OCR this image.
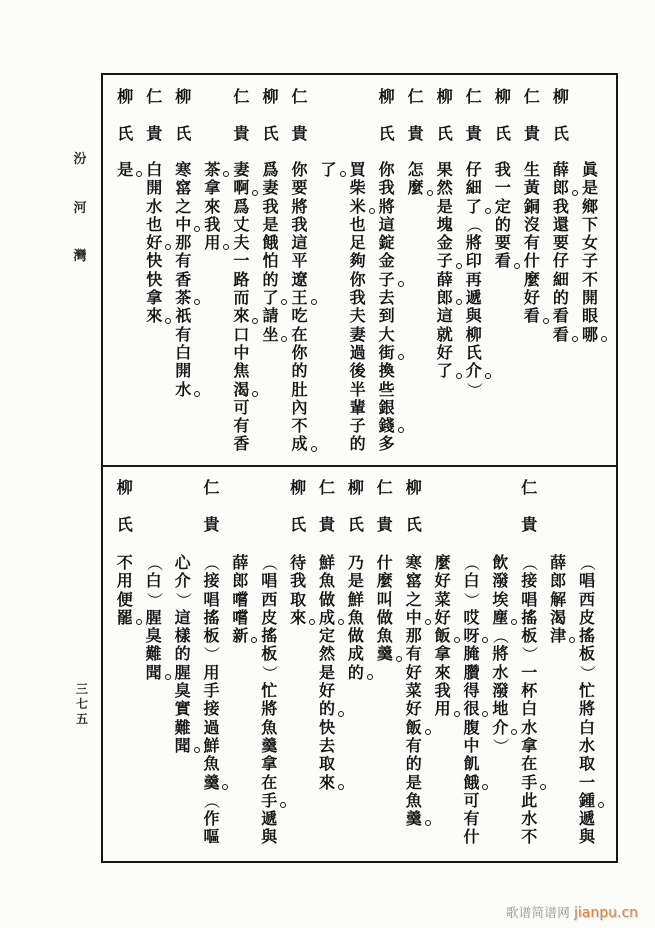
汾
河
灣
三
七
五
眞
是
鄉
下
女
子
不
開
眼
哪
柳
氏
薛
郎
我
還
要
仔
細
的
看
看
仁
貴
生
黃
銅
沒
有
什
麼
好
看
柳
氏
我
一
定
的
要
看
仁
貴
仔
細
了
（
將
印
再
遞
與
柳
氏
介
）
柳
氏
果
然
是
塊
金
子
薛
郎
這
就
好
了
仁
貴
怎
麼
柳
氏
你
我
將
這
錠
金
子
去
到
大
街
換
些
銀
錢
多
買
柴
米
也
足
夠
你
我
夫
妻
過
後
半
輩
子
的
了
仁
貴
你
要
將
我
這
平
遼
王
吃
在
你
的
肚
內
不
成
柳
氏
爲
妻
我
是
餓
怕
的
了
請
坐
仁
貴
妻
啊
爲
丈
夫
一
路
而
來
口
中
焦
渴
可
有
香
茶
拿
來
我
用
柳
氏
寒
窰
之
中
那
有
香
茶
祇
有
白
開
水
仁
貴
白
開
水
也
好
快
快
拿
來
柳
氏
是
（
唱
西
皮
搖
板
）
忙
將
白
水
取
一
鍾
遞
與
薛
郎
解
渴
津
仁
貴
（
接
唱
搖
板
）
一
杯
白
水
拿
在
手
此
水
不
飲
潑
埃
塵
（
將
水
潑
地
介
）
（
白
）
哎
呀
腌
臢
得
很
腹
中
飢
餓
可
有
什
麼
好
菜
好
飯
拿
來
我
用
柳
氏
寒
窰
之
中
那
有
好
菜
好
飯
有
的
是
魚
羹
仁
貴
什
麼
叫
做
魚
羹
柳
氏
乃
是
鮮
魚
做
成
的
仁
貴
鮮
魚
做
成
定
然
是
好
的
快
去
取
來
柳
氏
待
我
取
來
（
唱
西
皮
搖
板
）
忙
將
魚
羹
拿
在
手
遞
與
薛
郎
嚐
嚐
新
仁
貴
（
接
唱
搖
板
）
用
手
接
過
鮮
魚
羹
（
作
嘔
心
介
）
這
樣
的
腥
臭
實
難
聞
（
白
）
腥
臭
難
聞
柳
氏
不
用
便
罷
歌谱简谱网 jianpu.cn
